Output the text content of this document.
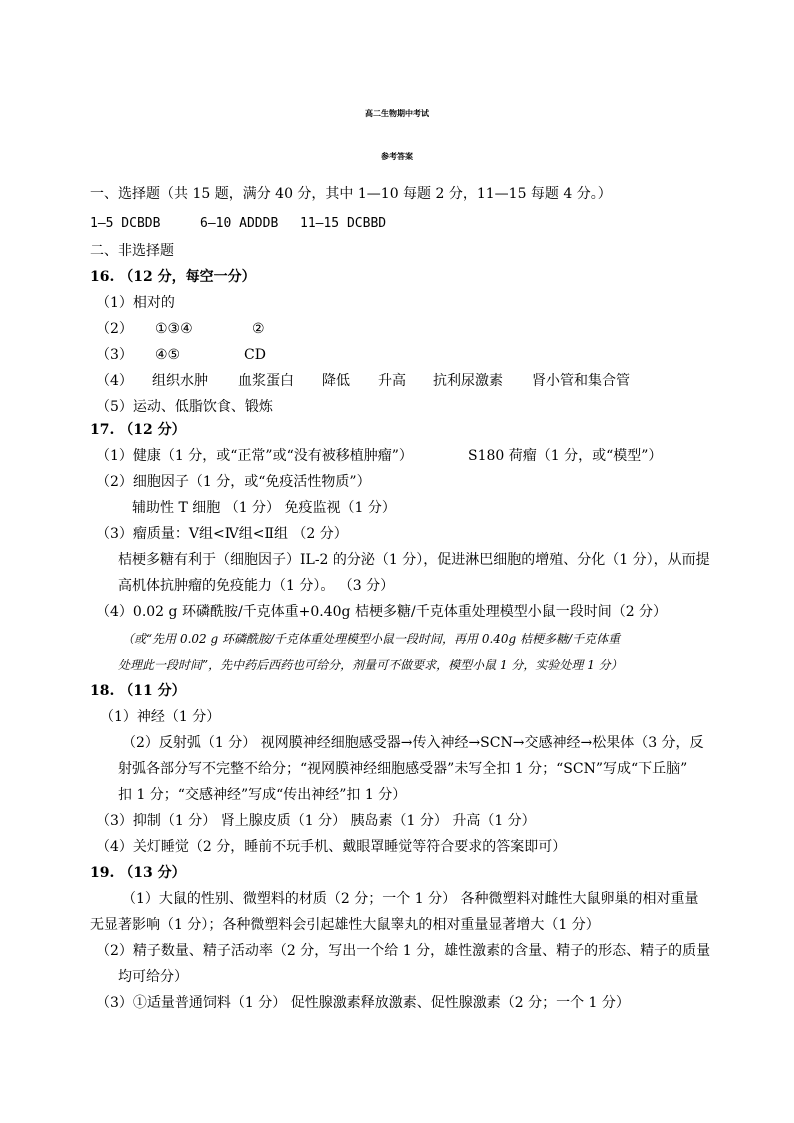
高二生物期中考试
参考答案
一、选择题（共 15 题，满分 40 分，其中 1—10 每题 2 分，11—15 每题 4 分。）
1—5 DCBDB	6—10 ADDDB 11—15 DCBBD
二、非选择题
16. （12 分，每空一分）
（1）相对的
（2） ①③④	②
（3） ④⑤	CD
（4） 组织水肿 血浆蛋白 降低 升高 抗利尿激素 肾小管和集合管
（5）运动、低脂饮食、锻炼
17. （12 分）
（1）健康（1 分，或“正常”或“没有被移植肿瘤”）	S180 荷瘤（1 分，或“模型”）
（2）细胞因子（1 分，或“免疫活性物质”）
辅助性 T 细胞 （1 分） 免疫监视（1 分）
（3）瘤质量：Ⅴ组<Ⅳ组<Ⅱ组 （2 分）
桔梗多糖有利于（细胞因子）IL-2 的分泌（1 分），促进淋巴细胞的增殖、分化（1 分），从而提
高机体抗肿瘤的免疫能力（1 分）。 （3 分）
（4）0.02 g 环磷酰胺/千克体重+0.40g 桔梗多糖/千克体重处理模型小鼠一段时间（2 分）
（或“先用 0.02 g 环磷酰胺/千克体重处理模型小鼠一段时间，再用 0.40g 桔梗多糖/千克体重
处理此一段时间”，先中药后西药也可给分，剂量可不做要求，模型小鼠 1 分，实验处理 1 分）
18. （11 分）
（1）神经（1 分）
（2）反射弧（1 分） 视网膜神经细胞感受器→传入神经→SCN→交感神经→松果体（3 分，反
射弧各部分写不完整不给分；“视网膜神经细胞感受器”未写全扣 1 分；“SCN”写成“下丘脑”
扣 1 分；“交感神经”写成“传出神经”扣 1 分）
（3）抑制（1 分） 肾上腺皮质（1 分） 胰岛素（1 分） 升高（1 分）
（4）关灯睡觉（2 分，睡前不玩手机、戴眼罩睡觉等符合要求的答案即可）
19. （13 分）
（1）大鼠的性别、微塑料的材质（2 分；一个 1 分） 各种微塑料对雌性大鼠卵巢的相对重量
无显著影响（1 分）；各种微塑料会引起雄性大鼠睾丸的相对重量显著增大（1 分）
（2）精子数量、精子活动率（2 分，写出一个给 1 分，雄性激素的含量、精子的形态、精子的质量
均可给分）
（3）①适量普通饲料（1 分） 促性腺激素释放激素、促性腺激素（2 分；一个 1 分）
